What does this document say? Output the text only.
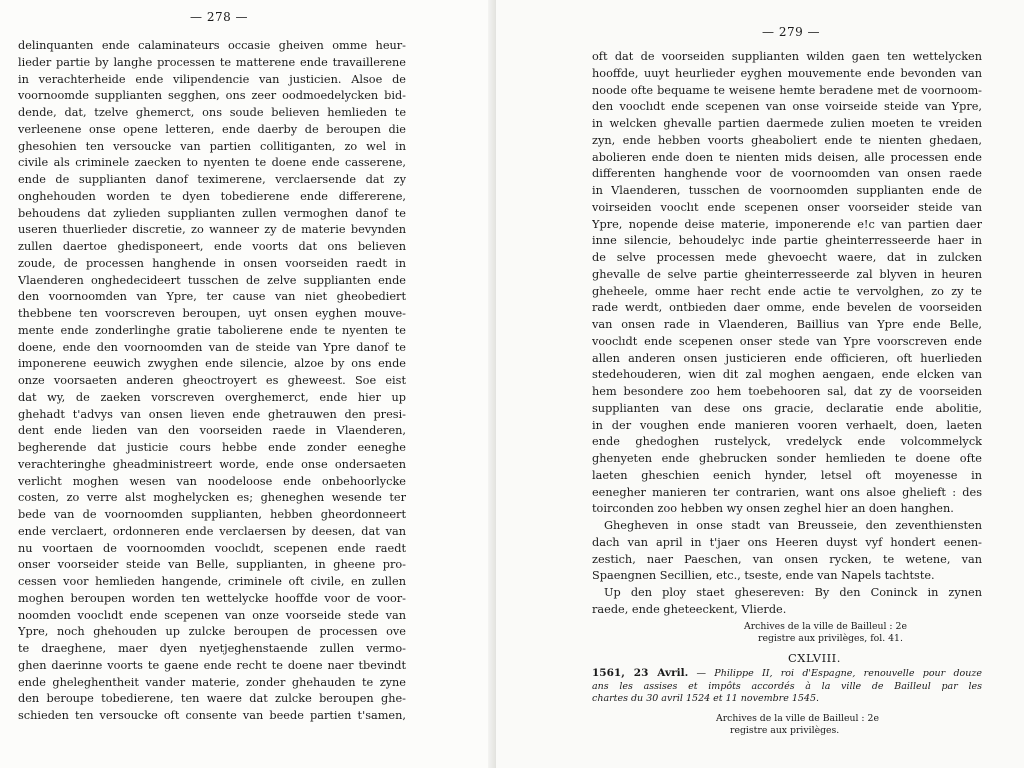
— 278 —
delinquanten ende calaminateurs occasie gheiven omme heur-
lieder partie by langhe processen te matterene ende travaillerene
in verachterheide ende vilipendencie van justicien. Alsoe de
voornoomde supplianten segghen, ons zeer oodmoedelycken bid-
dende, dat, tzelve ghemerct, ons soude believen hemlieden te
verleenene onse opene letteren, ende daerby de beroupen die
ghesohien ten versoucke van partien collitiganten, zo wel in
civile als criminele zaecken to nyenten te doene ende casserene,
ende de supplianten danof teximerene, verclaersende dat zy
onghehouden worden te dyen tobedierene ende differerene,
behoudens dat zylieden supplianten zullen vermoghen danof te
useren thuerlieder discretie, zo wanneer zy de materie bevynden
zullen daertoe ghedisponeert, ende voorts dat ons believen
zoude, de processen hanghende in onsen voorseiden raedt in
Vlaenderen onghedecideert tusschen de zelve supplianten ende
den voornoomden van Ypre, ter cause van niet gheobediert
thebbene ten voorscreven beroupen, uyt onsen eyghen mouve-
mente ende zonderlinghe gratie tabolierene ende te nyenten te
doene, ende den voornoomden van de steide van Ypre danof te
imponerene eeuwich zwyghen ende silencie, alzoe by ons ende
onze voorsaeten anderen gheoctroyert es gheweest. Soe eist
dat wy, de zaeken vorscreven overghemerct, ende hier up
ghehadt t'advys van onsen lieven ende ghetrauwen den presi-
dent ende lieden van den voorseiden raede in Vlaenderen,
begherende dat justicie cours hebbe ende zonder eeneghe
verachteringhe gheadministreert worde, ende onse ondersaeten
verlicht moghen wesen van noodeloose ende onbehoorlycke
costen, zo verre alst moghelycken es; gheneghen wesende ter
bede van de voornoomden supplianten, hebben gheordonneert
ende verclaert, ordonneren ende verclaersen by deesen, dat van
nu voortaen de voornoomden vooclıdt, scepenen ende raedt
onser voorseider steide van Belle, supplianten, in gheene pro-
cessen voor hemlieden hangende, criminele oft civile, en zullen
moghen beroupen worden ten wettelycke hooffde voor de voor-
noomden vooclıdt ende scepenen van onze voorseide stede van
Ypre, noch ghehouden up zulcke beroupen de processen ove
te draeghene, maer dyen nyetjeghenstaende zullen vermo-
ghen daerinne voorts te gaene ende recht te doene naer tbevindt
ende gheleghentheit vander materie, zonder ghehauden te zyne
den beroupe tobedierene, ten waere dat zulcke beroupen ghe-
schieden ten versoucke oft consente van beede partien t'samen,
— 279 —
oft dat de voorseiden supplianten wilden gaen ten wettelycken
hooffde, uuyt heurlieder eyghen mouvemente ende bevonden van
noode ofte bequame te weisene hemte beradene met de voornoom-
den vooclıdt ende scepenen van onse voirseide steide van Ypre,
in welcken ghevalle partien daermede zulien moeten te vreiden
zyn, ende hebben voorts gheaboliert ende te nienten ghedaen,
abolieren ende doen te nienten mids deisen, alle processen ende
differenten hanghende voor de voornoomden van onsen raede
in Vlaenderen, tusschen de voornoomden supplianten ende de
voirseiden vooclıt ende scepenen onser voorseider steide van
Ypre, nopende deise materie, imponerende e!c van partien daer
inne silencie, behoudelyc inde partie gheinterresseerde haer in
de selve processen mede ghevoecht waere, dat in zulcken
ghevalle de selve partie gheinterresseerde zal blyven in heuren
gheheele, omme haer recht ende actie te vervolghen, zo zy te
rade werdt, ontbieden daer omme, ende bevelen de voorseiden
van onsen rade in Vlaenderen, Baillius van Ypre ende Belle,
vooclıdt ende scepenen onser stede van Ypre voorscreven ende
allen anderen onsen justicieren ende officieren, oft huerlieden
stedehouderen, wien dit zal moghen aengaen, ende elcken van
hem besondere zoo hem toebehooren sal, dat zy de voorseiden
supplianten van dese ons gracie, declaratie ende abolitie,
in der voughen ende manieren vooren verhaelt, doen, laeten
ende ghedoghen rustelyck, vredelyck ende volcommelyck
ghenyeten ende ghebrucken sonder hemlieden te doene ofte
laeten gheschien eenich hynder, letsel oft moyenesse in
eenegher manieren ter contrarien, want ons alsoe ghelieft : des
toirconden zoo hebben wy onsen zeghel hier an doen hanghen.
Ghegheven in onse stadt van Breusseie, den zeventhiensten
dach van april in t'jaer ons Heeren duyst vyf hondert eenen-
zestich, naer Paeschen, van onsen rycken, te wetene, van
Spaengnen Secillien, etc., tseste, ende van Napels tachtste.
Up den ploy staet ghesereven: By den Coninck in zynen
raede, ende gheteeckent, Vlierde.
Archives de la ville de Bailleul : 2e
registre aux privilèges, fol. 41.
CXLVIII.
1561, 23 Avril. — Philippe II, roi d'Espagne, renouvelle pour douze
ans les assises et impôts accordés à la ville de Bailleul par les
chartes du 30 avril 1524 et 11 novembre 1545.
Archives de la ville de Bailleul : 2e
registre aux privilèges.
